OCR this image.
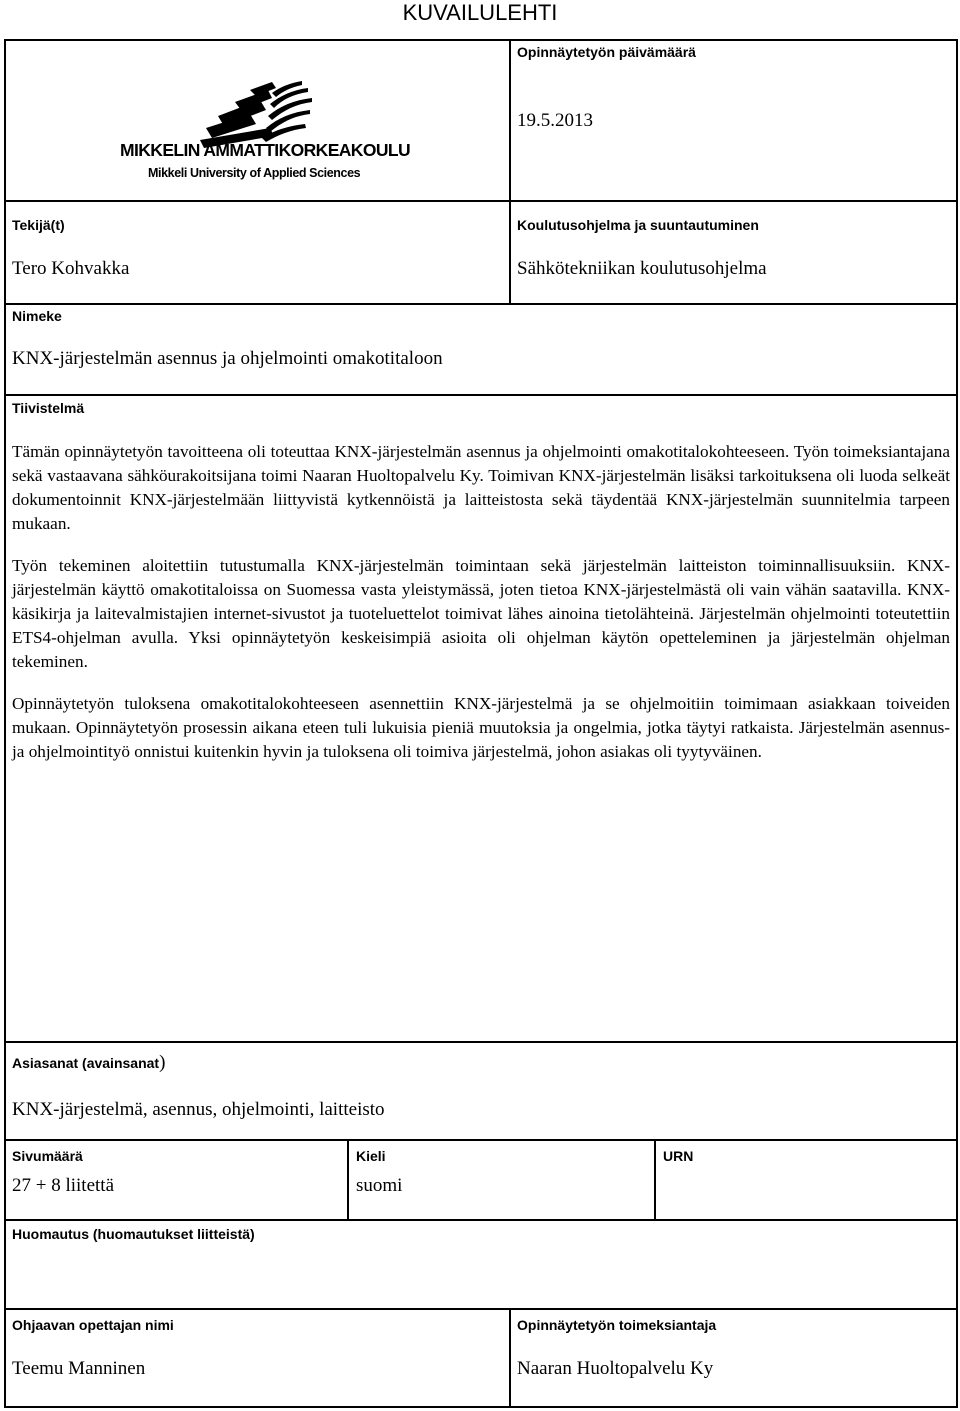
KUVAILULEHTI
MIKKELIN AMMATTIKORKEAKOULU
Mikkeli University of Applied Sciences
Opinnäytetyön päivämäärä
19.5.2013
Tekijä(t)
Tero Kohvakka
Koulutusohjelma ja suuntautuminen
Sähkötekniikan koulutusohjelma
Nimeke
KNX-järjestelmän asennus ja ohjelmointi omakotitaloon
Tiivistelmä

Tämän opinnäytetyön tavoitteena oli toteuttaa KNX-järjestelmän asennus ja ohjelmointi omakotitalokohteeseen. Työn toimeksiantajana sekä vastaavana sähköurakoitsijana toimi Naaran Huoltopalvelu Ky. Toimivan KNX-järjestelmän lisäksi tarkoituksena oli luoda selkeät dokumentoinnit KNX-järjestelmään liittyvistä kytkennöistä ja laitteistosta sekä täydentää KNX-järjestelmän suunnitelmia tarpeen mukaan.

Työn tekeminen aloitettiin tutustumalla KNX-järjestelmän toimintaan sekä järjestelmän laitteiston toiminnallisuuksiin. KNX-järjestelmän käyttö omakotitaloissa on Suomessa vasta yleistymässä, joten tietoa KNX-järjestelmästä oli vain vähän saatavilla. KNX-käsikirja ja laitevalmistajien internet-sivustot ja tuoteluettelot toimivat lähes ainoina tietolähteinä. Järjestelmän ohjelmointi toteutettiin ETS4-ohjelman avulla. Yksi opinnäytetyön keskeisimpiä asioita oli ohjelman käytön opetteleminen ja järjestelmän ohjelman tekeminen.

Opinnäytetyön tuloksena omakotitalokohteeseen asennettiin KNX-järjestelmä ja se ohjelmoitiin toimimaan asiakkaan toiveiden mukaan. Opinnäytetyön prosessin aikana eteen tuli lukuisia pieniä muutoksia ja ongelmia, jotka täytyi ratkaista. Järjestelmän asennus- ja ohjelmointityö onnistui kuitenkin hyvin ja tuloksena oli toimiva järjestelmä, johon asiakas oli tyytyväinen.

Asiasanat (avainsanat)
KNX-järjestelmä, asennus, ohjelmointi, laitteisto
Sivumäärä
27 + 8 liitettä
Kieli
suomi
URN
Huomautus (huomautukset liitteistä)
Ohjaavan opettajan nimi
Teemu Manninen
Opinnäytetyön toimeksiantaja
Naaran Huoltopalvelu Ky
